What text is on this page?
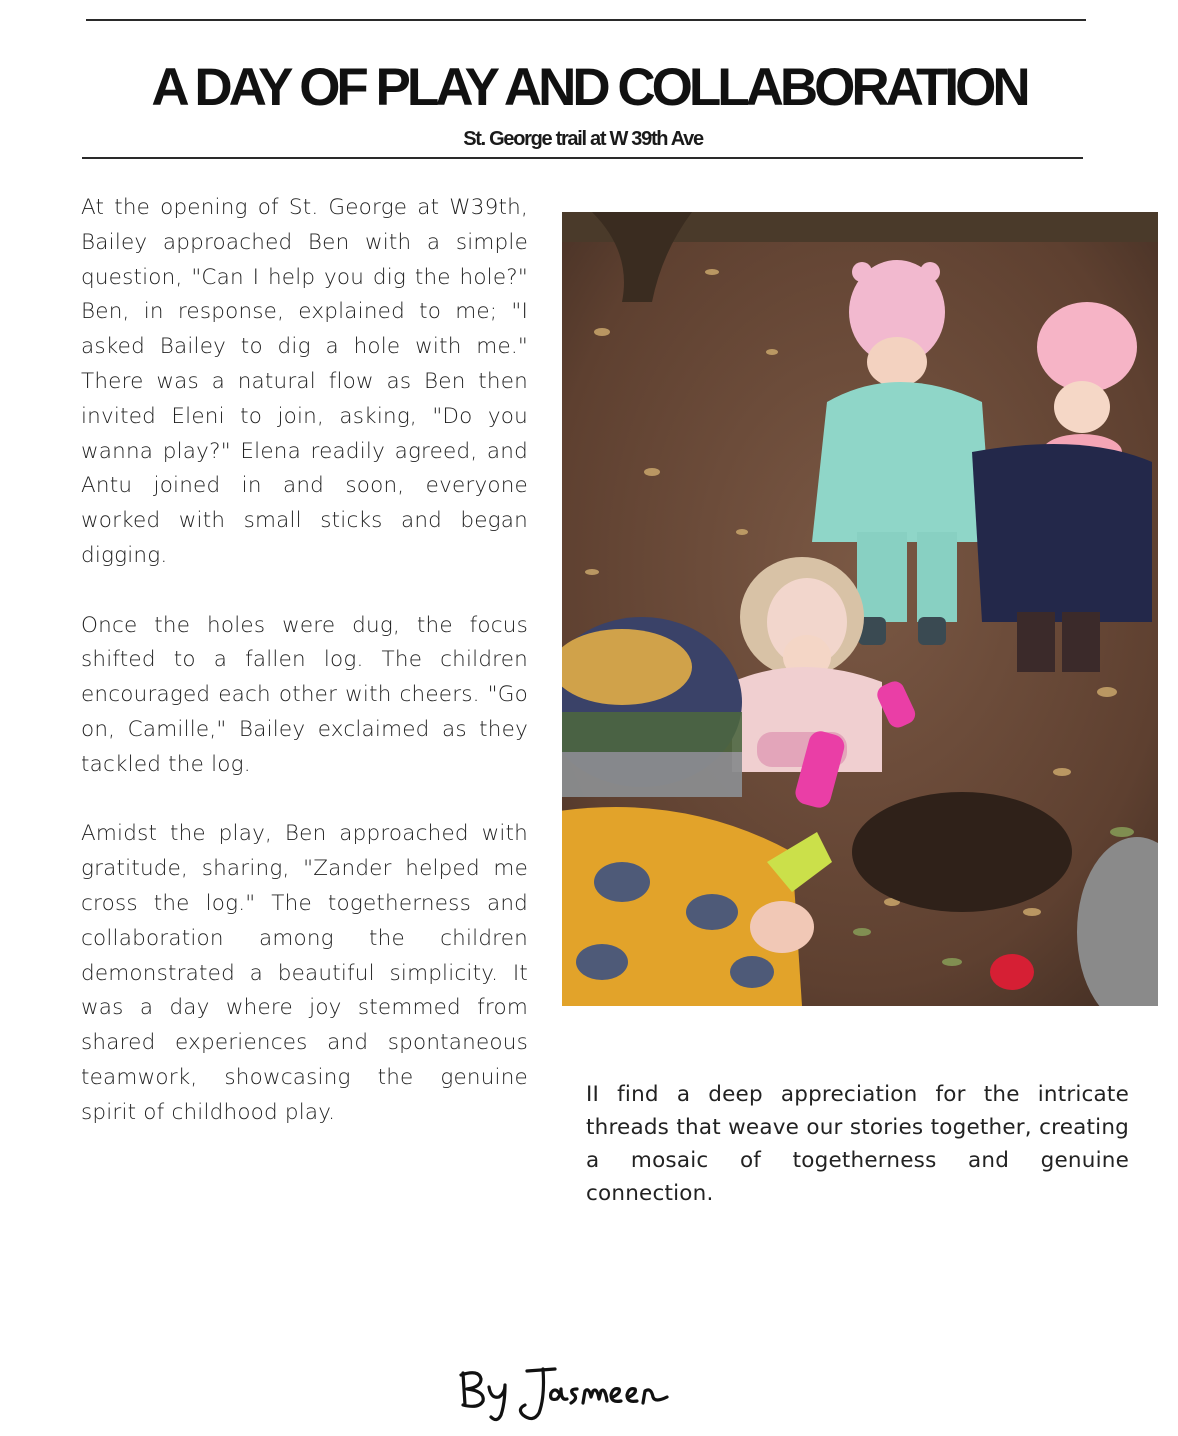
A DAY OF PLAY AND COLLABORATION
St. George trail at W 39th Ave

At the opening of St. George at W39th, Bailey approached Ben with a simple question, "Can I help you dig the hole?" Ben, in response, explained to me; "I asked Bailey to dig a hole with me." There was a natural flow as Ben then invited Eleni to join, asking, "Do you wanna play?" Elena readily agreed, and Antu joined in and soon, everyone worked with small sticks and began digging.

Once the holes were dug, the focus shifted to a fallen log. The children encouraged each other with cheers. "Go on, Camille," Bailey exclaimed as they tackled the log.

Amidst the play, Ben approached with gratitude, sharing, "Zander helped me cross the log." The togetherness and collaboration among the children demonstrated a beautiful simplicity. It was a day where joy stemmed from shared experiences and spontaneous teamwork, showcasing the genuine spirit of childhood play.

II find a deep appreciation for the intricate threads that weave our stories together, creating a mosaic of togetherness and genuine connection.
